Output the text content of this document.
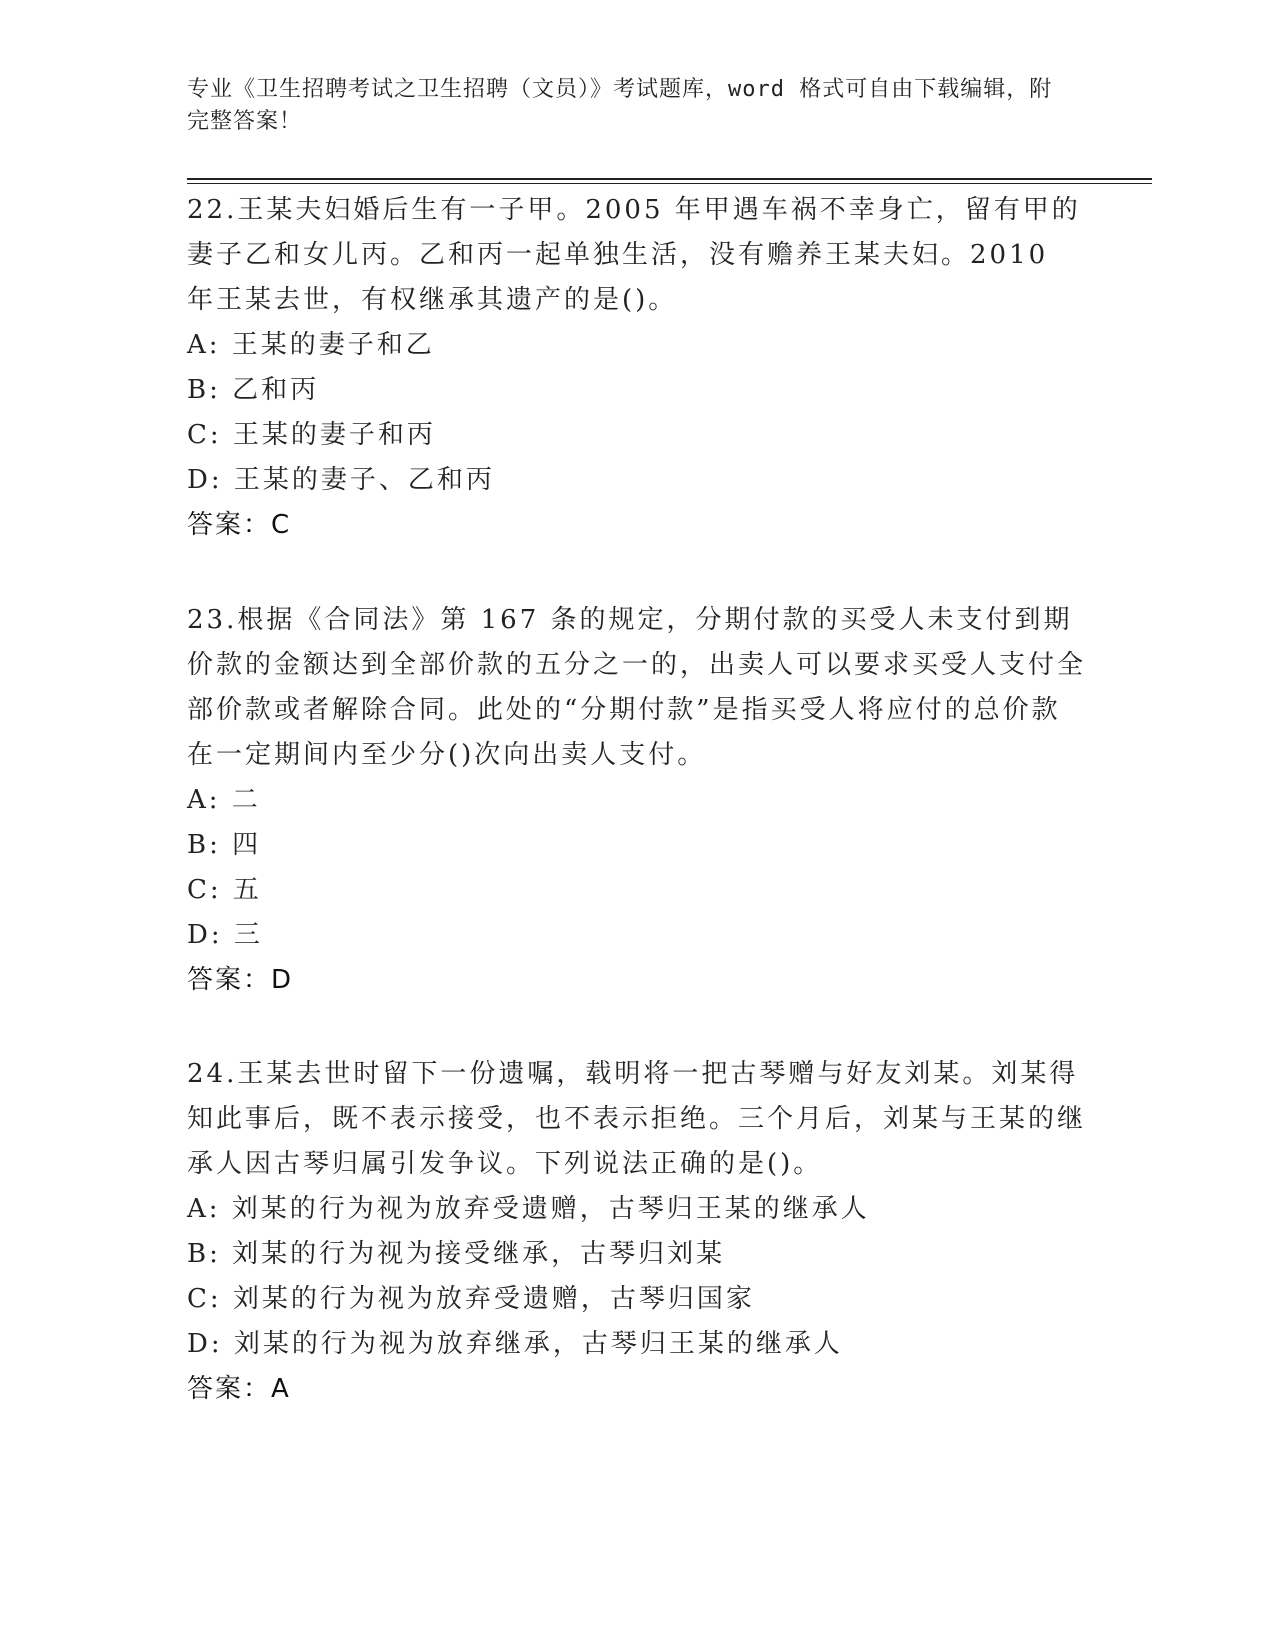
专业《卫生招聘考试之卫生招聘（文员）》考试题库，word 格式可自由下载编辑，附完整答案！

22.王某夫妇婚后生有一子甲。2005 年甲遇车祸不幸身亡，留有甲的妻子乙和女儿丙。乙和丙一起单独生活，没有赡养王某夫妇。2010 年王某去世，有权继承其遗产的是()。

A: 王某的妻子和乙
B: 乙和丙
C: 王某的妻子和丙
D: 王某的妻子、乙和丙
答案：C

23.根据《合同法》第 167 条的规定，分期付款的买受人未支付到期价款的金额达到全部价款的五分之一的，出卖人可以要求买受人支付全部价款或者解除合同。此处的“分期付款”是指买受人将应付的总价款在一定期间内至少分()次向出卖人支付。

A: 二
B: 四
C: 五
D: 三
答案：D

24.王某去世时留下一份遗嘱，载明将一把古琴赠与好友刘某。刘某得知此事后，既不表示接受，也不表示拒绝。三个月后，刘某与王某的继承人因古琴归属引发争议。下列说法正确的是()。

A: 刘某的行为视为放弃受遗赠，古琴归王某的继承人
B: 刘某的行为视为接受继承，古琴归刘某
C: 刘某的行为视为放弃受遗赠，古琴归国家
D: 刘某的行为视为放弃继承，古琴归王某的继承人
答案：A
